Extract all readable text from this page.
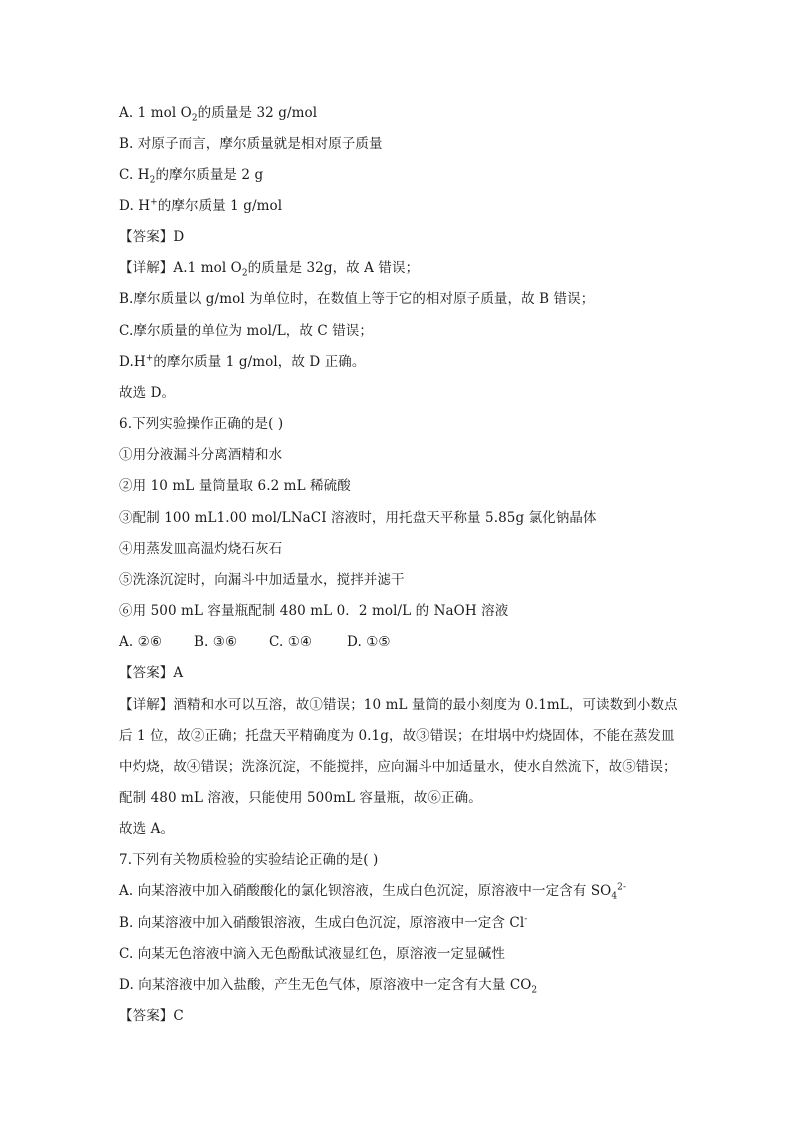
A. 1 mol $O_2$的质量是 32 g/mol
B. 对原子而言，摩尔质量就是相对原子质量
C. $H_2$的摩尔质量是 2 g
D. H+的摩尔质量 1 g/mol
【答案】D
【详解】A.1 mol $O_2$的质量是 32g，故 A 错误；
B.摩尔质量以 g/mol 为单位时，在数值上等于它的相对原子质量，故 B 错误；
C.摩尔质量的单位为 mol/L，故 C 错误；
D.H+的摩尔质量 1 g/mol，故 D 正确。
故选 D。
6.下列实验操作正确的是( )
①用分液漏斗分离酒精和水
②用 10 mL 量筒量取 6.2 mL 稀硫酸
③配制 100 mL1.00 mol/LNaCI 溶液时，用托盘天平称量 5.85g 氯化钠晶体
④用蒸发皿高温灼烧石灰石
⑤洗涤沉淀时，向漏斗中加适量水，搅拌并滤干
⑥用 500 mL 容量瓶配制 480 mL 0．2 mol/L 的 NaOH 溶液
A. ②⑥ B. ③⑥ C. ①④	D. ①⑤
【答案】A
【详解】酒精和水可以互溶，故①错误；10 mL 量筒的最小刻度为 0.1mL，可读数到小数点
后 1 位，故②正确；托盘天平精确度为 0.1g，故③错误；在坩埚中灼烧固体，不能在蒸发皿
中灼烧，故④错误；洗涤沉淀，不能搅拌，应向漏斗中加适量水，使水自然流下，故⑤错误；
配制 480 mL 溶液，只能使用 500mL 容量瓶，故⑥正确。
故选 A。
7.下列有关物质检验的实验结论正确的是( )
A. 向某溶液中加入硝酸酸化的氯化钡溶液，生成白色沉淀，原溶液中一定含有 $SO_4^{2-}$
B. 向某溶液中加入硝酸银溶液，生成白色沉淀，原溶液中一定含 Cl-
C. 向某无色溶液中滴入无色酚酞试液显红色，原溶液一定显碱性
D. 向某溶液中加入盐酸，产生无色气体，原溶液中一定含有大量 $CO_2$
【答案】C
